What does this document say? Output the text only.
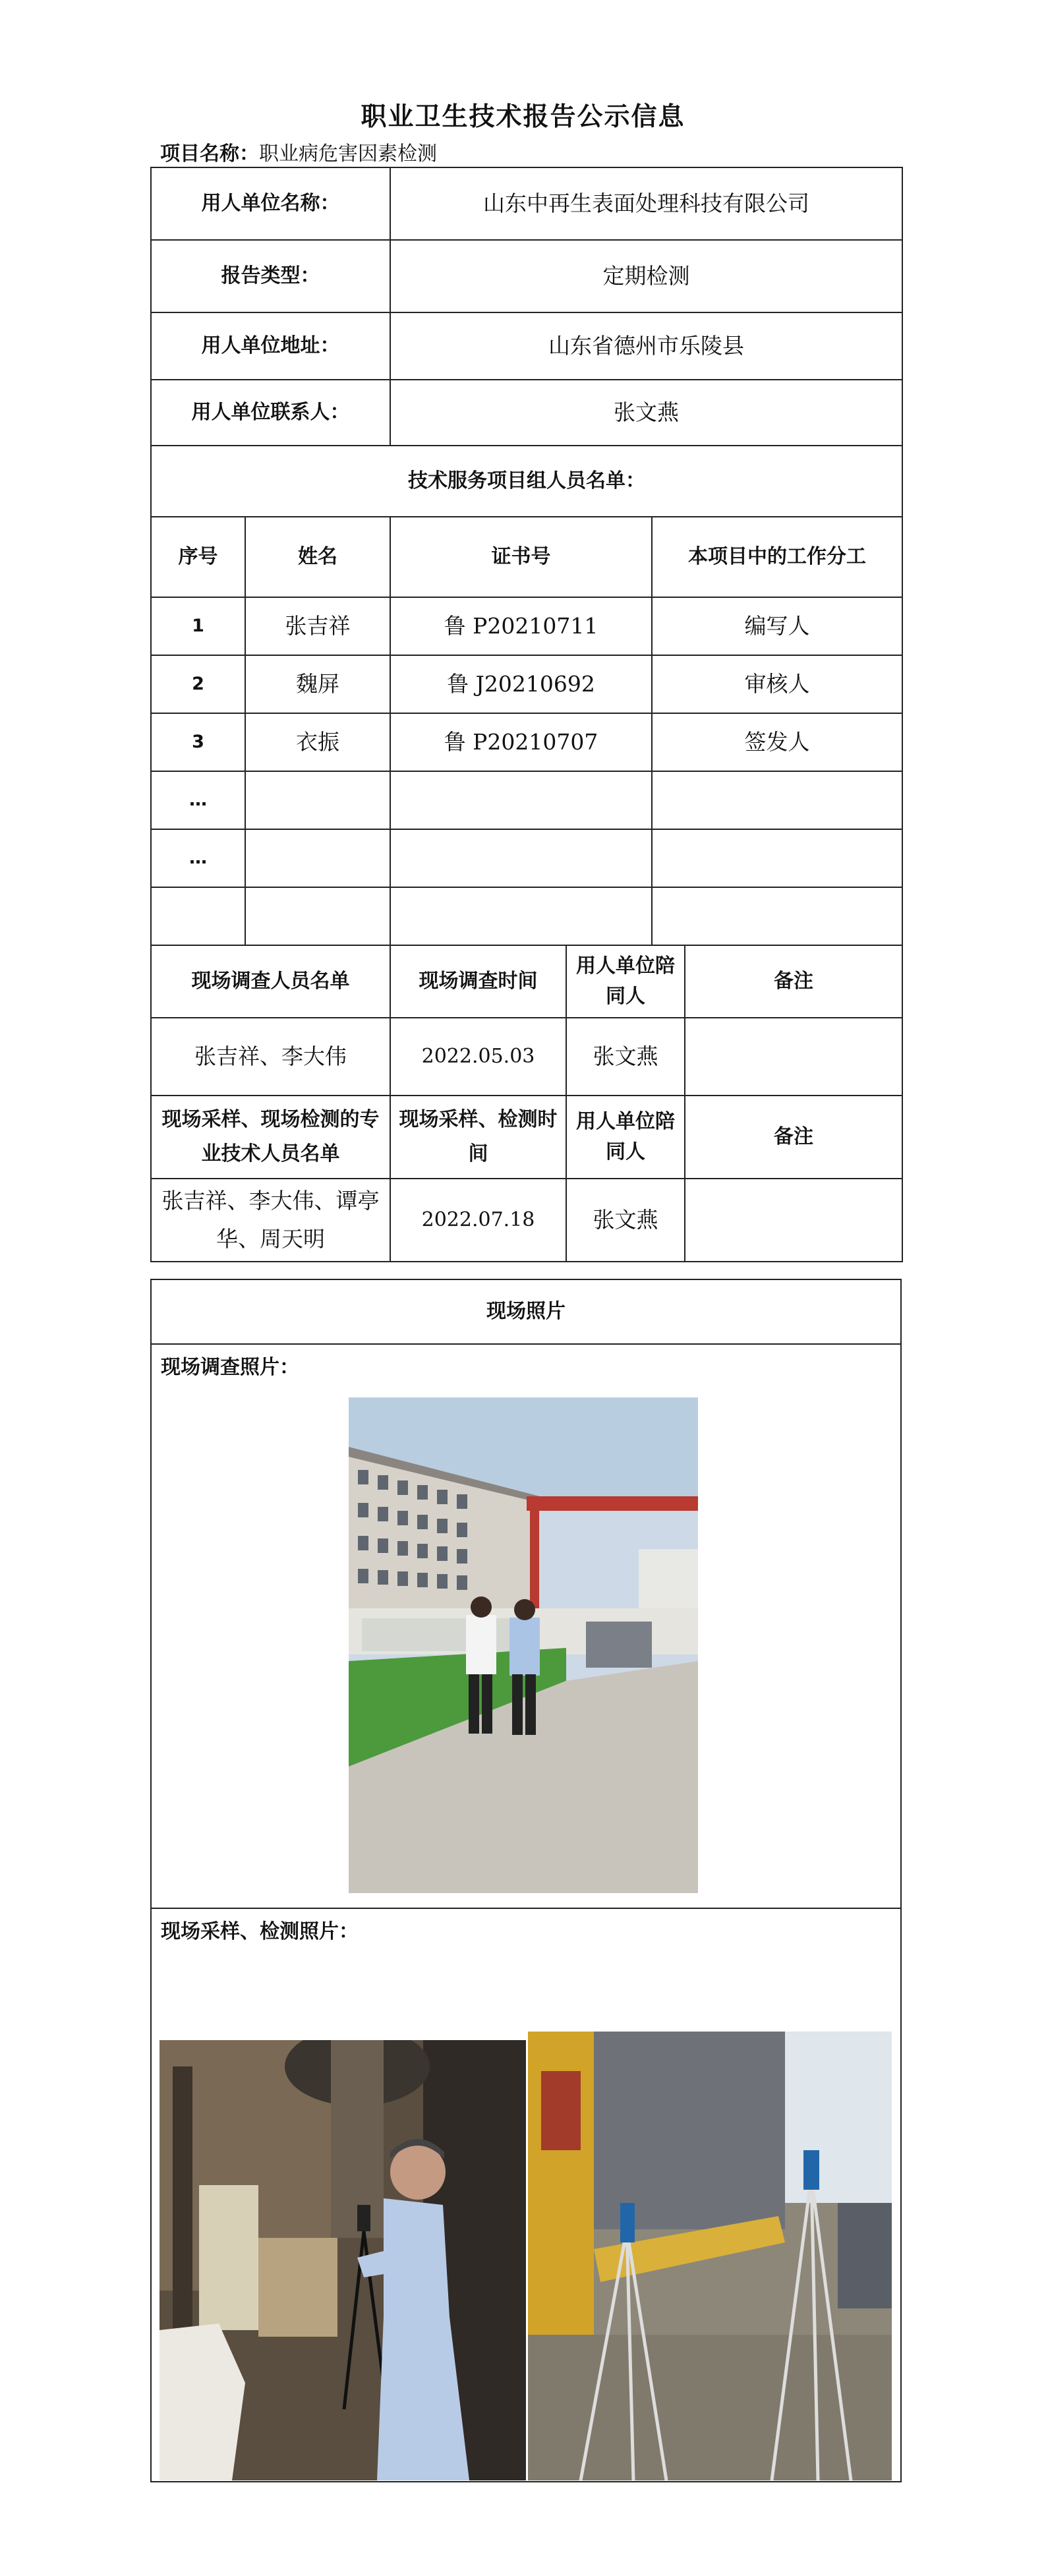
职业卫生技术报告公示信息
项目名称：职业病危害因素检测
用人单位名称：		山东中再生表面处理科技有限公司			
报告类型：		定期检测			
用人单位地址：		山东省德州市乐陵县			
用人单位联系人：		张文燕			
技术服务项目组人员名单：					
序号	姓名	证书号		本项目中的工作分工	
1	张吉祥	鲁 P20210711		编写人	
2	魏屏	鲁 J20210692		审核人	
3	衣振	鲁 P20210707		签发人	
…					
…					

现场调查人员名单		现场调查时间	用人单位陪同人		备注
张吉祥、李大伟		2022.05.03	张文燕		
现场采样、现场检测的专业技术人员名单		现场采样、检测时间	用人单位陪同人		备注
张吉祥、李大伟、谭亭华、周天明		2022.07.18	张文燕		
现场照片
现场调查照片：
现场采样、检测照片：
